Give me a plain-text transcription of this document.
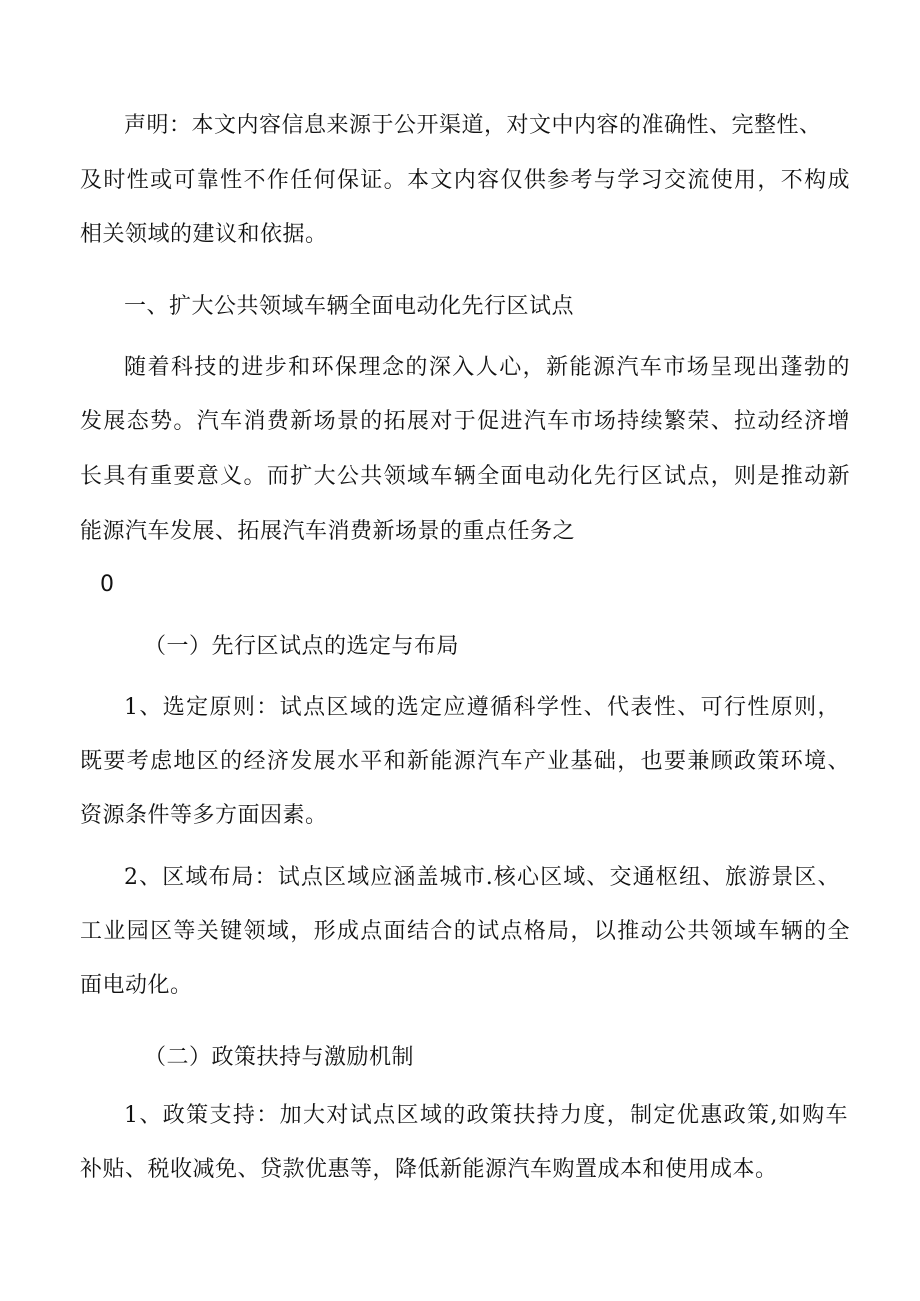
声明：本文内容信息来源于公开渠道，对文中内容的准确性、完整性、
及时性或可靠性不作任何保证。本文内容仅供参考与学习交流使用，不构成
相关领域的建议和依据。
一、扩大公共领域车辆全面电动化先行区试点
随着科技的进步和环保理念的深入人心，新能源汽车市场呈现出蓬勃的
发展态势。汽车消费新场景的拓展对于促进汽车市场持续繁荣、拉动经济增
长具有重要意义。而扩大公共领域车辆全面电动化先行区试点，则是推动新
能源汽车发展、拓展汽车消费新场景的重点任务之
0
（一）先行区试点的选定与布局
1、选定原则：试点区域的选定应遵循科学性、代表性、可行性原则，
既要考虑地区的经济发展水平和新能源汽车产业基础，也要兼顾政策环境、
资源条件等多方面因素。
2、区域布局：试点区域应涵盖城市.核心区域、交通枢纽、旅游景区、
工业园区等关键领域，形成点面结合的试点格局，以推动公共领域车辆的全
面电动化。
（二）政策扶持与激励机制
1、政策支持：加大对试点区域的政策扶持力度，制定优惠政策,如购车
补贴、税收减免、贷款优惠等，降低新能源汽车购置成本和使用成本。
